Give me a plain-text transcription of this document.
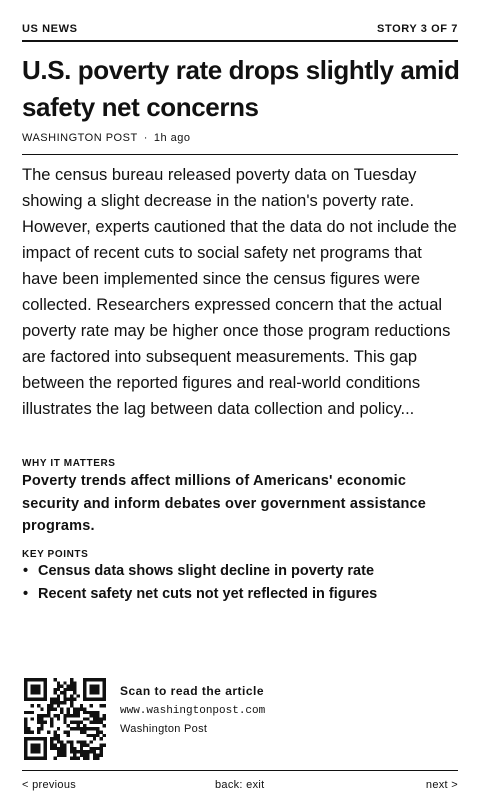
US NEWS	STORY 3 OF 7
U.S. poverty rate drops slightly amid safety net concerns
WASHINGTON POST · 1h ago

The census bureau released poverty data on Tuesday showing a slight decrease in the nation's poverty rate. However, experts cautioned that the data do not include the impact of recent cuts to social safety net programs that have been implemented since the census figures were collected. Researchers expressed concern that the actual poverty rate may be higher once those program reductions are factored into subsequent measurements. This gap between the reported figures and real-world conditions illustrates the lag between data collection and policy...

WHY IT MATTERS

Poverty trends affect millions of Americans' economic security and inform debates over government assistance programs.

KEY POINTS
• Census data shows slight decline in poverty rate
• Recent safety net cuts not yet reflected in figures
Scan to read the article
www.washingtonpost.com
Washington Post
< previous	back: exit	next >
